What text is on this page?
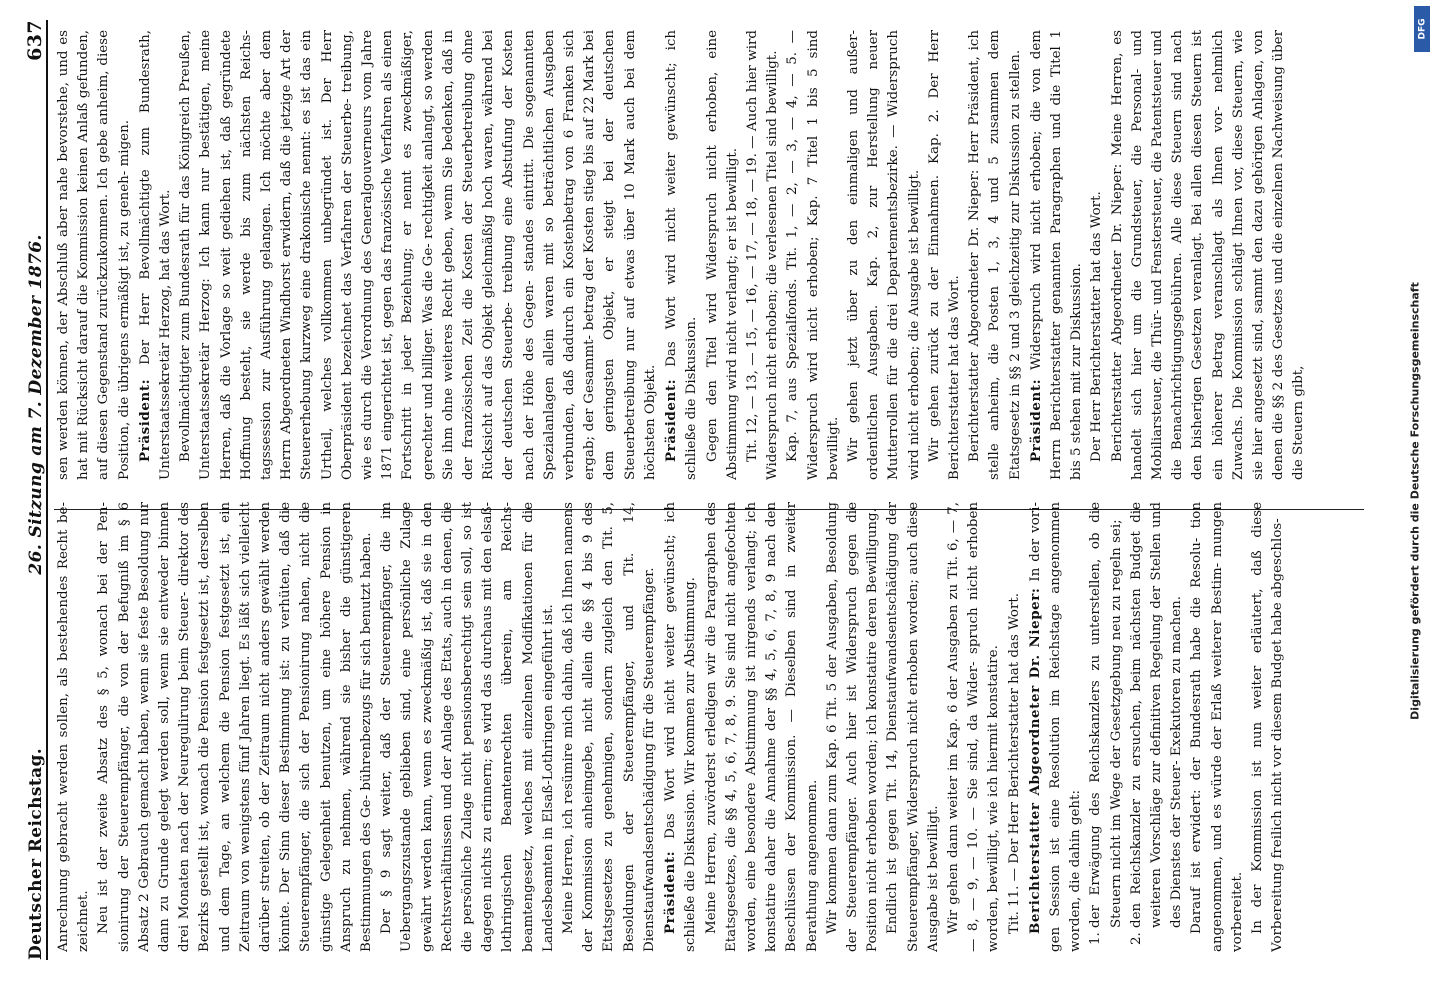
Deutscher Reichstag.
26. Sitzung am 7. Dezember 1876.
637

Anrechnung gebracht werden sollen, als bestehendes Recht be- zeichnet. Neu ist der zweite Absatz des § 5, wonach bei der Pen- sionirung der Steuerempfänger, die von der Befugniß im § 6 Absatz 2 Gebrauch gemacht haben, wenn sie feste Besoldung nur dann zu Grunde gelegt werden soll, wenn sie entweder binnen drei Monaten nach der Neuregulirung beim Steuer- direktor des Bezirks gestellt ist, wonach die Pension festgesetzt ist, derselben und dem Tage, an welchem die Pension festgesetzt ist, ein Zeitraum von wenigstens fünf Jahren liegt. Es läßt sich vielleicht darüber streiten, ob der Zeitraum nicht anders gewählt werden könnte. Der Sinn dieser Bestimmung ist: zu verhüten, daß die Steuerempfänger, die sich der Pensionirung nahen, nicht die günstige Gelegenheit benutzen, um eine höhere Pension in Anspruch zu nehmen, während sie bisher die günstigeren Bestimmungen des Ge- bührenbezugs für sich benutzt haben. Der § 9 sagt weiter, daß der Steuerempfänger, die im Uebergangszustande geblieben sind, eine persönliche Zulage gewährt werden kann, wenn es zweckmäßig ist, daß sie in den Rechtsverhältnissen und der Anlage des Etats, auch in denen, die die persönliche Zulage nicht pensionsberechtigt sein soll, so ist dagegen nichts zu erinnern; es wird das durchaus mit den elsaß-lothringischen Beamtenrechten überein, am Reichs- beamtengesetz, welches mit einzelnen Modifikationen für die Landesbeamten in Elsaß-Lothringen eingeführt ist. Meine Herren, ich resümire mich dahin, daß ich Ihnen namens der Kommission anheimgebe, nicht allein die §§ 4 bis 9 des Etatsgesetzes zu genehmigen, sondern zugleich den Tit. 5, Besoldungen der Steuerempfänger, und Tit. 14, Dienstaufwandsentschädigung für die Steuerempfänger. Präsident: Das Wort wird nicht weiter gewünscht; ich schließe die Diskussion. Wir kommen zur Abstimmung. Meine Herren, zuvörderst erledigen wir die Paragraphen des Etatsgesetzes, die §§ 4, 5, 6, 7, 8, 9. Sie sind nicht angefochten worden, eine besondere Abstimmung ist nirgends verlangt; ich konstatire daher die Annahme der §§ 4, 5, 6, 7, 8, 9 nach den Beschlüssen der Kommission. — Dieselben sind in zweiter Berathung angenommen. Wir kommen dann zum Kap. 6 Tit. 5 der Ausgaben, Besoldung der Steuerempfänger. Auch hier ist Widerspruch gegen die Position nicht erhoben worden; ich konstatire deren Bewilligung. Endlich ist gegen Tit. 14, Dienstaufwandsentschädigung der Steuerempfänger, Widerspruch nicht erhoben worden; auch diese Ausgabe ist bewilligt. Wir gehen dann weiter im Kap. 6 der Ausgaben zu Tit. 6, — 7, — 8, — 9, — 10. — Sie sind, da Wider- spruch nicht erhoben worden, bewilligt, wie ich hiermit konstatire. Tit. 11. — Der Herr Berichterstatter hat das Wort. Berichterstatter Abgeordneter Dr. Nieper: In der vori- gen Session ist eine Resolution im Reichstage angenommen worden, die dahin geht: 1. der Erwägung des Reichskanzlers zu unterstellen, ob die Steuern nicht im Wege der Gesetzgebung neu zu regeln sei; 2. den Reichskanzler zu ersuchen, beim nächsten Budget die weiteren Vorschläge zur definitiven Regelung der Stellen und des Dienstes der Steuer- Exekutoren zu machen. Darauf ist erwidert: der Bundesrath habe die Resolu- tion angenommen, und es würde der Erlaß weiterer Bestim- mungen vorbereitet. In der Kommission ist nun weiter erläutert, daß diese Vorbereitung freilich nicht vor diesem Budget habe abgeschlos-

sen werden können, der Abschluß aber nahe bevorstehe, und es hat mit Rücksicht darauf die Kommission keinen Anlaß gefunden, auf diesen Gegenstand zurückzukommen. Ich gebe anheim, diese Position, die übrigens ermäßigt ist, zu geneh- migen. Präsident: Der Herr Bevollmächtigte zum Bundesrath, Unterstaatssekretär Herzog, hat das Wort. Bevollmächtigter zum Bundesrath für das Königreich Preußen, Unterstaatssekretär Herzog: Ich kann nur bestätigen, meine Herren, daß die Vorlage so weit gediehen ist, daß gegründete Hoffnung besteht, sie werde bis zum nächsten Reichs- tagssession zur Ausführung gelangen. Ich möchte aber dem Herrn Abgeordneten Windhorst erwidern, daß die jetzige Art der Steuererhebung kurzweg eine drakonische nennt: es ist das ein Urtheil, welches vollkommen unbegründet ist. Der Herr Oberpräsident bezeichnet das Verfahren der Steuerbe- treibung, wie es durch die Verordnung des Generalgouverneurs vom Jahre 1871 eingerichtet ist, gegen das französische Verfahren als einen Fortschritt in jeder Beziehung; er nennt es zweckmäßiger, gerechter und billiger. Was die Ge- rechtigkeit anlangt, so werden Sie ihm ohne weiteres Recht geben, wenn Sie bedenken, daß in der französischen Zeit die Kosten der Steuerbetreibung ohne Rücksicht auf das Objekt gleichmäßig hoch waren, während bei der deutschen Steuerbe- treibung eine Abstufung der Kosten nach der Höhe des Gegen- standes eintritt. Die sogenannten Spezialanlagen allein waren mit so beträchtlichen Ausgaben verbunden, daß dadurch ein Kostenbetrag von 6 Franken sich ergab; der Gesammt- betrag der Kosten stieg bis auf 22 Mark bei dem geringsten Objekt, er steigt bei der deutschen Steuerbetreibung nur auf etwas über 10 Mark auch bei dem höchsten Objekt. Präsident: Das Wort wird nicht weiter gewünscht; ich schließe die Diskussion. Gegen den Titel wird Widerspruch nicht erhoben, eine Abstimmung wird nicht verlangt; er ist bewilligt. Tit. 12, — 13, — 15, — 16, — 17, — 18, — 19. — Auch hier wird Widerspruch nicht erhoben; die verlesenen Titel sind bewilligt. Kap. 7, aus Spezialfonds. Tit. 1, — 2, — 3, — 4, — 5. — Widerspruch wird nicht erhoben; Kap. 7 Titel 1 bis 5 sind bewilligt. Wir gehen jetzt über zu den einmaligen und außer- ordentlichen Ausgaben. Kap. 2, zur Herstellung neuer Mutterrollen für die drei Departementsbezirke. — Widerspruch wird nicht erhoben; die Ausgabe ist bewilligt. Wir gehen zurück zu der Einnahmen. Kap. 2. Der Herr Berichterstatter hat das Wort. Berichterstatter Abgeordneter Dr. Nieper: Herr Präsident, ich stelle anheim, die Posten 1, 3, 4 und 5 zusammen dem Etatsgesetz in §§ 2 und 3 gleichzeitig zur Diskussion zu stellen. Präsident: Widerspruch wird nicht erhoben; die von dem Herrn Berichterstatter genannten Paragraphen und die Titel 1 bis 5 stehen mit zur Diskussion. Der Herr Berichterstatter hat das Wort. Berichterstatter Abgeordneter Dr. Nieper: Meine Herren, es handelt sich hier um die Grundsteuer, die Personal- und Mobiliarsteuer, die Thür- und Fenstersteuer, die Patentsteuer und die Benachrichtigungsgebühren. Alle diese Steuern sind nach den bisherigen Gesetzen veranlagt. Bei allen diesen Steuern ist ein höherer Betrag veranschlagt als Ihnen vor- nehmlich Zuwachs. Die Kommission schlägt Ihnen vor, diese Steuern, wie sie hier angesetzt sind, sammt den dazu gehörigen Anlagen, von denen die §§ 2 des Gesetzes und die einzelnen Nachweisung über die Steuern gibt,	Digitalisierung gefördert durch die Deutsche Forschungsgemeinschaft
DFG
